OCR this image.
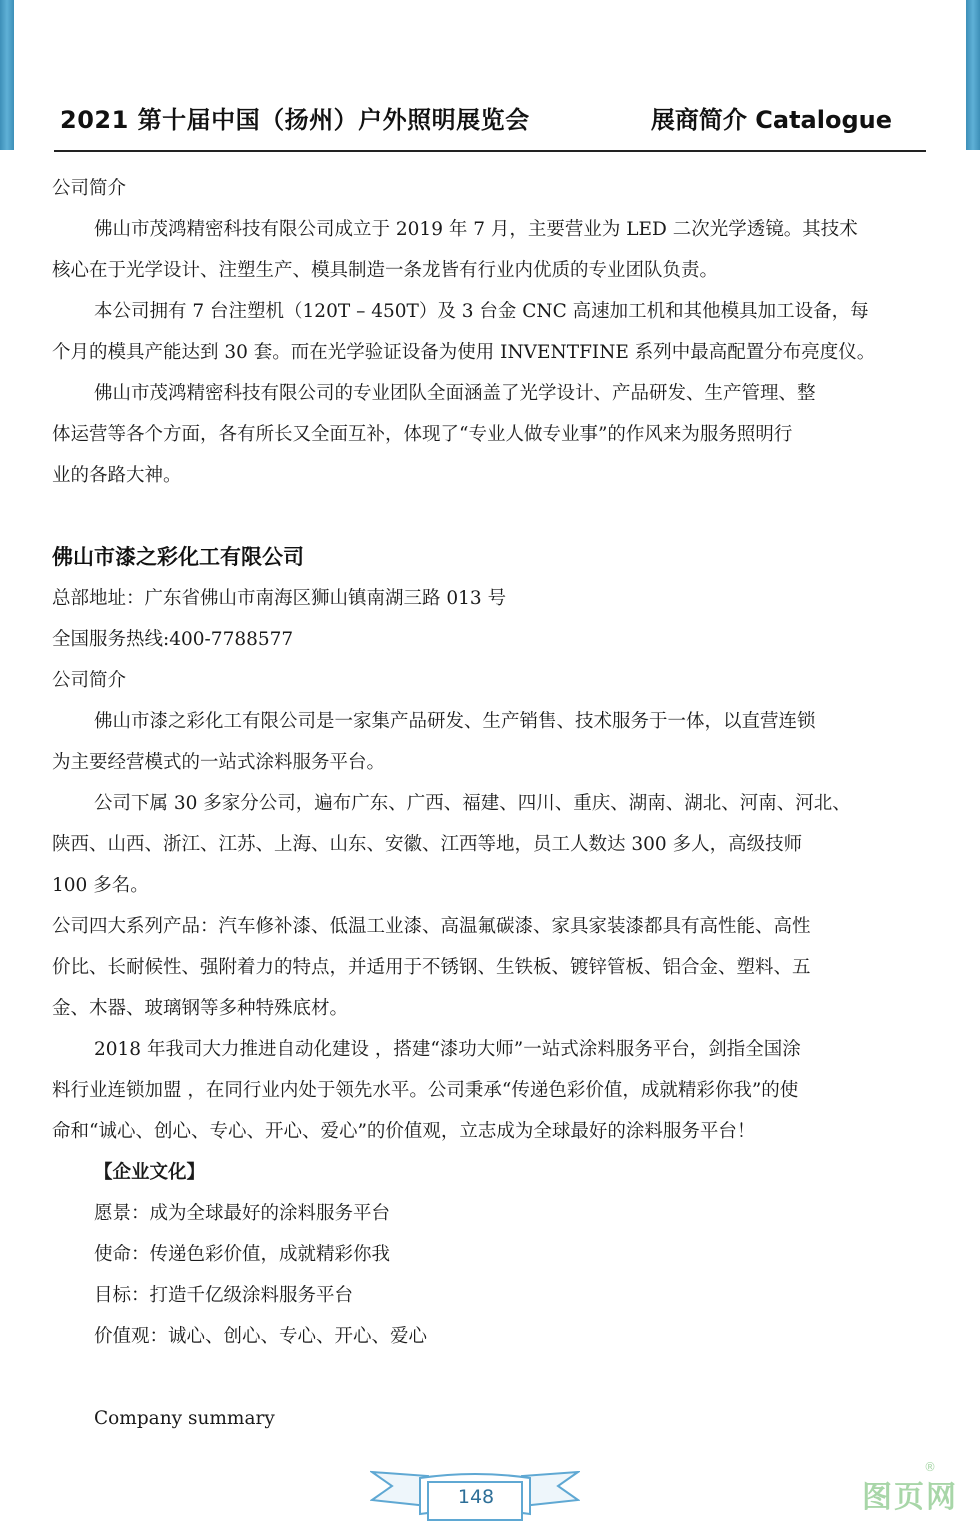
2021 第十届中国（扬州）户外照明展览会	展商简介 Catalogue
公司简介
佛山市茂鸿精密科技有限公司成立于 2019 年 7 月，主要营业为 LED 二次光学透镜。其技术
核心在于光学设计、注塑生产、模具制造一条龙皆有行业内优质的专业团队负责。
本公司拥有 7 台注塑机（120T – 450T）及 3 台金 CNC 高速加工机和其他模具加工设备，每
个月的模具产能达到 30 套。而在光学验证设备为使用 INVENTFINE 系列中最高配置分布亮度仪。
佛山市茂鸿精密科技有限公司的专业团队全面涵盖了光学设计、产品研发、生产管理、整
体运营等各个方面，各有所长又全面互补，体现了“专业人做专业事”的作风来为服务照明行
业的各路大神。
佛山市漆之彩化工有限公司
总部地址：广东省佛山市南海区狮山镇南湖三路 013 号
全国服务热线:400-7788577
公司简介
佛山市漆之彩化工有限公司是一家集产品研发、生产销售、技术服务于一体，以直营连锁
为主要经营模式的一站式涂料服务平台。
公司下属 30 多家分公司，遍布广东、广西、福建、四川、重庆、湖南、湖北、河南、河北、
陕西、山西、浙江、江苏、上海、山东、安徽、江西等地，员工人数达 300 多人，高级技师
100 多名。
公司四大系列产品：汽车修补漆、低温工业漆、高温氟碳漆、家具家装漆都具有高性能、高性
价比、长耐候性、强附着力的特点，并适用于不锈钢、生铁板、镀锌管板、铝合金、塑料、五
金、木器、玻璃钢等多种特殊底材。
2018 年我司大力推进自动化建设 ，搭建“漆功大师”一站式涂料服务平台，剑指全国涂
料行业连锁加盟 ，在同行业内处于领先水平。公司秉承“传递色彩价值，成就精彩你我”的使
命和“诚心、创心、专心、开心、爱心”的价值观，立志成为全球最好的涂料服务平台！
【企业文化】
愿景：成为全球最好的涂料服务平台
使命：传递色彩价值，成就精彩你我
目标：打造千亿级涂料服务平台
价值观：诚心、创心、专心、开心、爱心
Company summary
148
®
图页网
